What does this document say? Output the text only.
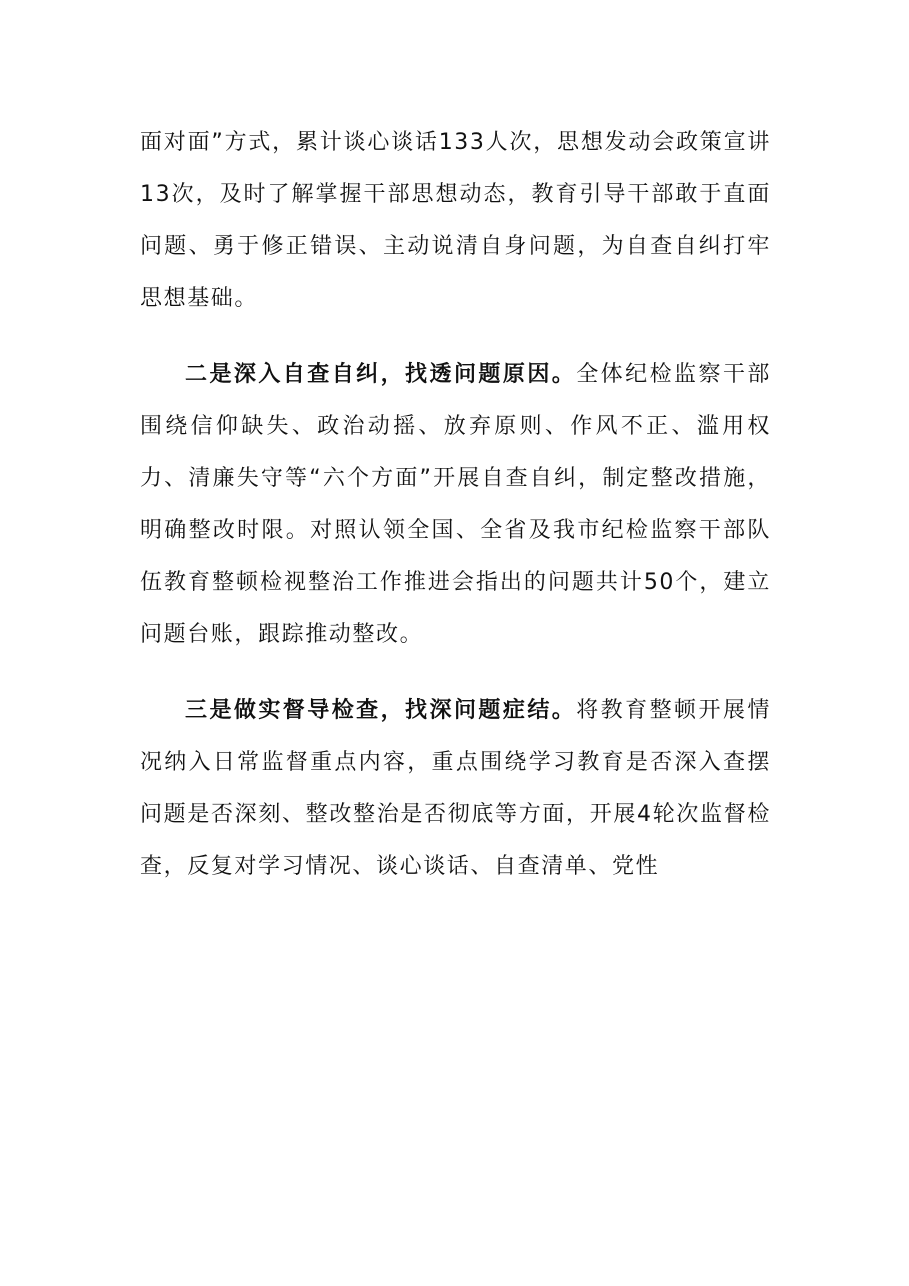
面对面”方式，累计谈心谈话133人次，思想发动会政策宣讲13次，及时了解掌握干部思想动态，教育引导干部敢于直面问题、勇于修正错误、主动说清自身问题，为自查自纠打牢思想基础。

二是深入自查自纠，找透问题原因。全体纪检监察干部围绕信仰缺失、政治动摇、放弃原则、作风不正、滥用权力、清廉失守等“六个方面”开展自查自纠，制定整改措施，明确整改时限。对照认领全国、全省及我市纪检监察干部队伍教育整顿检视整治工作推进会指出的问题共计50个，建立问题台账，跟踪推动整改。

三是做实督导检查，找深问题症结。将教育整顿开展情况纳入日常监督重点内容，重点围绕学习教育是否深入查摆问题是否深刻、整改整治是否彻底等方面，开展4轮次监督检查，反复对学习情况、谈心谈话、自查清单、党性
